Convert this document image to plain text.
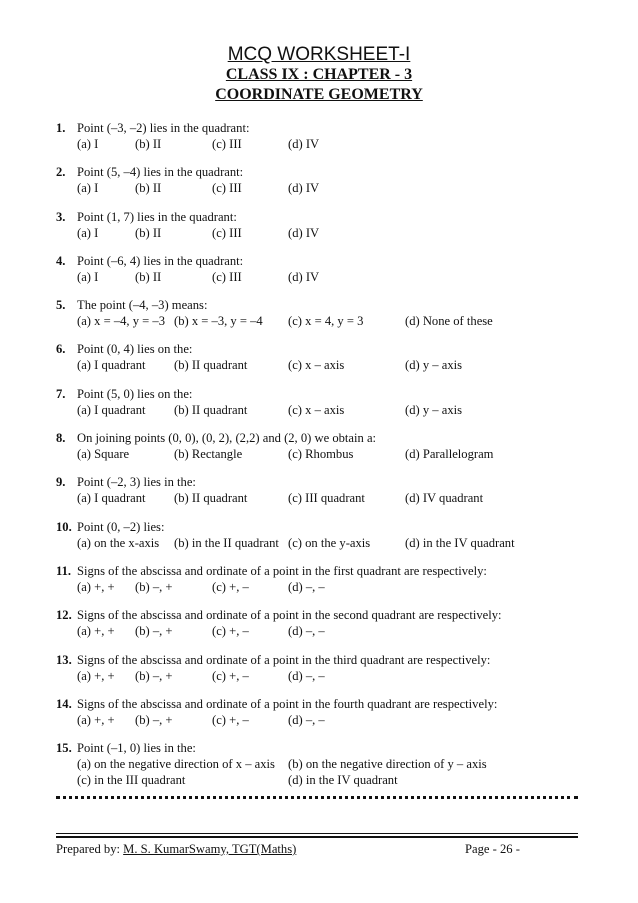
MCQ WORKSHEET-I
CLASS IX : CHAPTER - 3
COORDINATE GEOMETRY
1. Point (–3, –2) lies in the quadrant:
(a) I	(b) II	(c) III	(d) IV
2. Point (5, –4) lies in the quadrant:
(a) I	(b) II	(c) III	(d) IV
3. Point (1, 7) lies in the quadrant:
(a) I	(b) II	(c) III	(d) IV
4. Point (–6, 4) lies in the quadrant:
(a) I	(b) II	(c) III	(d) IV
5. The point (–4, –3) means:
(a) x = –4, y = –3 (b) x = –3, y = –4 (c) x = 4, y = 3	(d) None of these
6. Point (0, 4) lies on the:
(a) I quadrant (b) II quadrant	(c) x – axis	(d) y – axis
7. Point (5, 0) lies on the:
(a) I quadrant (b) II quadrant	(c) x – axis	(d) y – axis
8. On joining points (0, 0), (0, 2), (2,2) and (2, 0) we obtain a:
(a) Square	(b) Rectangle	(c) Rhombus	(d) Parallelogram
9. Point (–2, 3) lies in the:
(a) I quadrant (b) II quadrant	(c) III quadrant	(d) IV quadrant
10. Point (0, –2) lies:
(a) on the x-axis (b) in the II quadrant (c) on the y-axis	(d) in the IV quadrant
11. Signs of the abscissa and ordinate of a point in the first quadrant are respectively:
(a) +, + (b) –, +	(c) +, –	(d) –, –
12. Signs of the abscissa and ordinate of a point in the second quadrant are respectively:
(a) +, + (b) –, +	(c) +, –	(d) –, –
13. Signs of the abscissa and ordinate of a point in the third quadrant are respectively:
(a) +, + (b) –, +	(c) +, –	(d) –, –
14. Signs of the abscissa and ordinate of a point in the fourth quadrant are respectively:
(a) +, + (b) –, +	(c) +, –	(d) –, –
15. Point (–1, 0) lies in the:
(a) on the negative direction of x – axis (b) on the negative direction of y – axis
(c) in the III quadrant	(d) in the IV quadrant
Prepared by: M. S. KumarSwamy, TGT(Maths)	Page - 26 -
